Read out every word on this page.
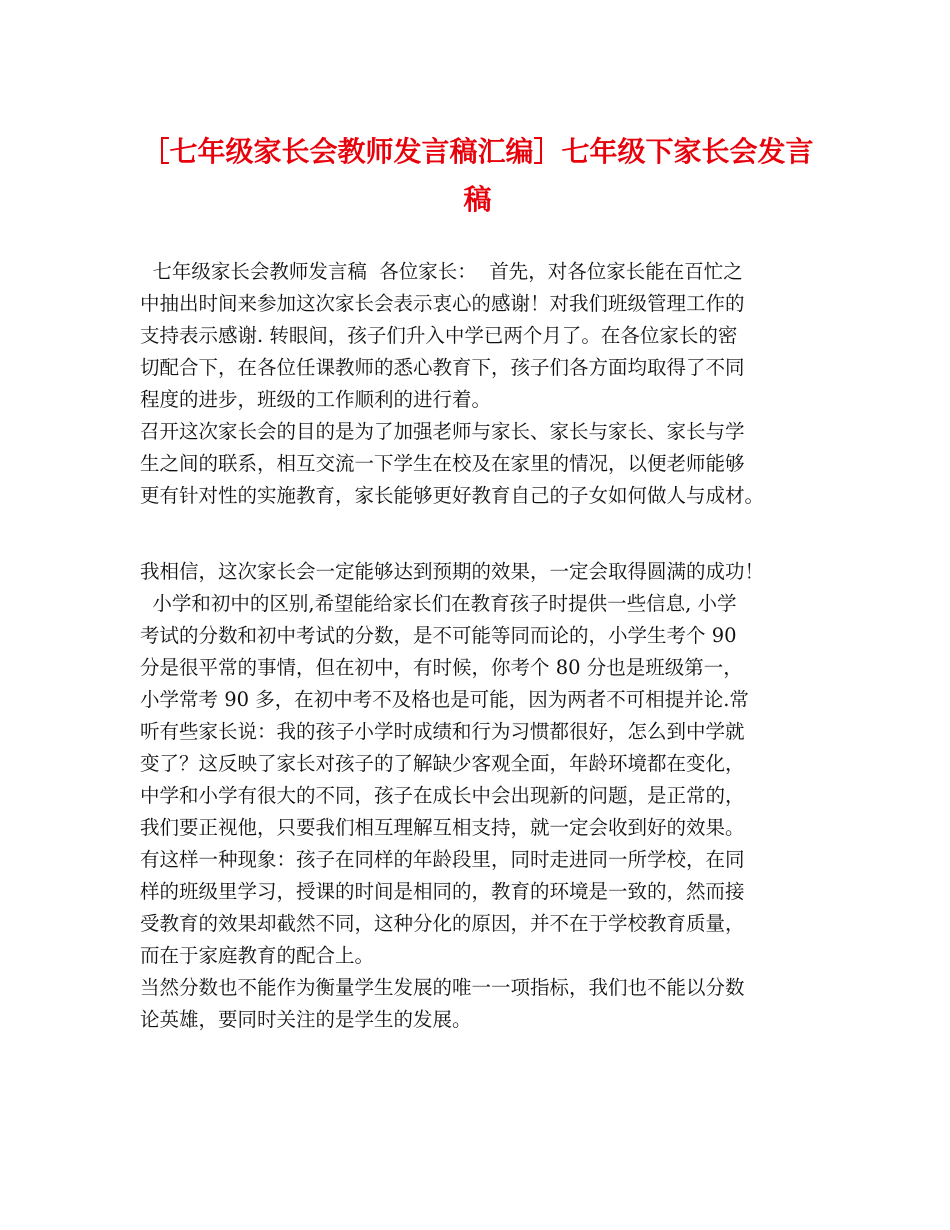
［七年级家长会教师发言稿汇编］七年级下家长会发言
稿
七年级家长会教师发言稿  各位家长：  首先，对各位家长能在百忙之
中抽出时间来参加这次家长会表示衷心的感谢！对我们班级管理工作的
支持表示感谢. 转眼间，孩子们升入中学已两个月了。在各位家长的密
切配合下，在各位任课教师的悉心教育下，孩子们各方面均取得了不同
程度的进步，班级的工作顺利的进行着。
召开这次家长会的目的是为了加强老师与家长、家长与家长、家长与学
生之间的联系，相互交流一下学生在校及在家里的情况，以便老师能够
更有针对性的实施教育，家长能够更好教育自己的子女如何做人与成材。
我相信，这次家长会一定能够达到预期的效果，一定会取得圆满的成功！
小学和初中的区别,希望能给家长们在教育孩子时提供一些信息, 小学
考试的分数和初中考试的分数，是不可能等同而论的，小学生考个 90
分是很平常的事情，但在初中，有时候，你考个 80 分也是班级第一，
小学常考 90 多，在初中考不及格也是可能，因为两者不可相提并论.常
听有些家长说：我的孩子小学时成绩和行为习惯都很好，怎么到中学就
变了？这反映了家长对孩子的了解缺少客观全面，年龄环境都在变化，
中学和小学有很大的不同，孩子在成长中会出现新的问题，是正常的，
我们要正视他，只要我们相互理解互相支持，就一定会收到好的效果。
有这样一种现象：孩子在同样的年龄段里，同时走进同一所学校，在同
样的班级里学习，授课的时间是相同的，教育的环境是一致的，然而接
受教育的效果却截然不同，这种分化的原因，并不在于学校教育质量，
而在于家庭教育的配合上。
当然分数也不能作为衡量学生发展的唯一一项指标，我们也不能以分数
论英雄，要同时关注的是学生的发展。
